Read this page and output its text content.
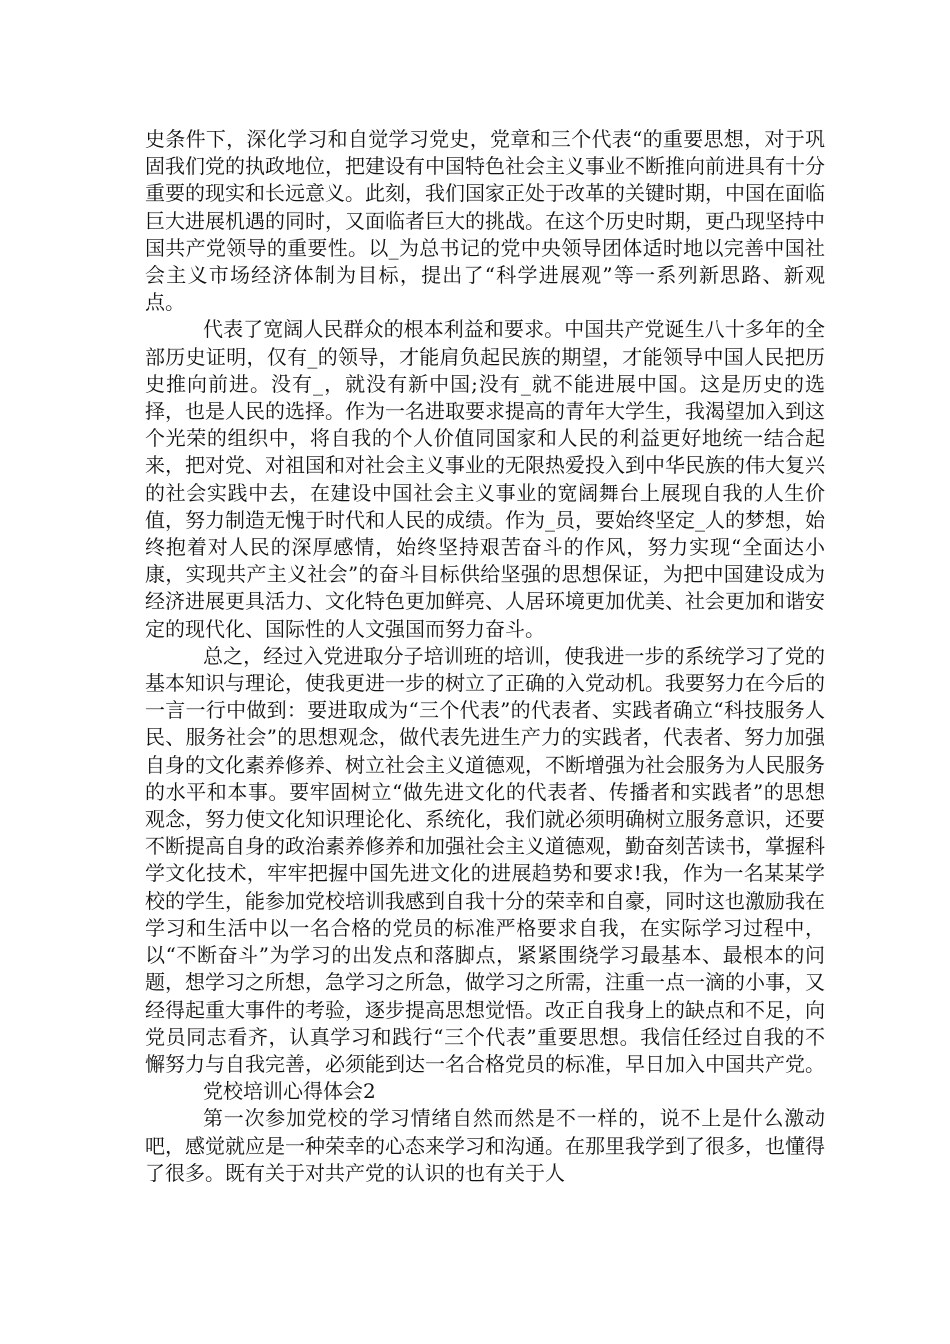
史条件下，深化学习和自觉学习党史，党章和三个代表“的重要思想，对于巩固我们党的执政地位，把建设有中国特色社会主义事业不断推向前进具有十分重要的现实和长远意义。此刻，我们国家正处于改革的关键时期，中国在面临巨大进展机遇的同时，又面临者巨大的挑战。在这个历史时期，更凸现坚持中国共产党领导的重要性。以_为总书记的党中央领导团体适时地以完善中国社会主义市场经济体制为目标，提出了“科学进展观”等一系列新思路、新观点。

代表了宽阔人民群众的根本利益和要求。中国共产党诞生八十多年的全部历史证明，仅有_的领导，才能肩负起民族的期望，才能领导中国人民把历史推向前进。没有_，就没有新中国;没有_就不能进展中国。这是历史的选择，也是人民的选择。作为一名进取要求提高的青年大学生，我渴望加入到这个光荣的组织中，将自我的个人价值同国家和人民的利益更好地统一结合起来，把对党、对祖国和对社会主义事业的无限热爱投入到中华民族的伟大复兴的社会实践中去，在建设中国社会主义事业的宽阔舞台上展现自我的人生价值，努力制造无愧于时代和人民的成绩。作为_员，要始终坚定_人的梦想，始终抱着对人民的深厚感情，始终坚持艰苦奋斗的作风，努力实现“全面达小康，实现共产主义社会”的奋斗目标供给坚强的思想保证，为把中国建设成为经济进展更具活力、文化特色更加鲜亮、人居环境更加优美、社会更加和谐安定的现代化、国际性的人文强国而努力奋斗。

总之，经过入党进取分子培训班的培训，使我进一步的系统学习了党的基本知识与理论，使我更进一步的树立了正确的入党动机。我要努力在今后的一言一行中做到：要进取成为“三个代表”的代表者、实践者确立“科技服务人民、服务社会”的思想观念，做代表先进生产力的实践者，代表者、努力加强自身的文化素养修养、树立社会主义道德观，不断增强为社会服务为人民服务的水平和本事。要牢固树立“做先进文化的代表者、传播者和实践者”的思想观念，努力使文化知识理论化、系统化，我们就必须明确树立服务意识，还要不断提高自身的政治素养修养和加强社会主义道德观，勤奋刻苦读书，掌握科学文化技术，牢牢把握中国先进文化的进展趋势和要求!我，作为一名某某学校的学生，能参加党校培训我感到自我十分的荣幸和自豪，同时这也激励我在学习和生活中以一名合格的党员的标准严格要求自我，在实际学习过程中，以“不断奋斗”为学习的出发点和落脚点，紧紧围绕学习最基本、最根本的问题，想学习之所想，急学习之所急，做学习之所需，注重一点一滴的小事，又经得起重大事件的考验，逐步提高思想觉悟。改正自我身上的缺点和不足，向党员同志看齐，认真学习和践行“三个代表”重要思想。我信任经过自我的不懈努力与自我完善，必须能到达一名合格党员的标准，早日加入中国共产党。

党校培训心得体会2

第一次参加党校的学习情绪自然而然是不一样的，说不上是什么激动吧，感觉就应是一种荣幸的心态来学习和沟通。在那里我学到了很多，也懂得了很多。既有关于对共产党的认识的也有关于人
